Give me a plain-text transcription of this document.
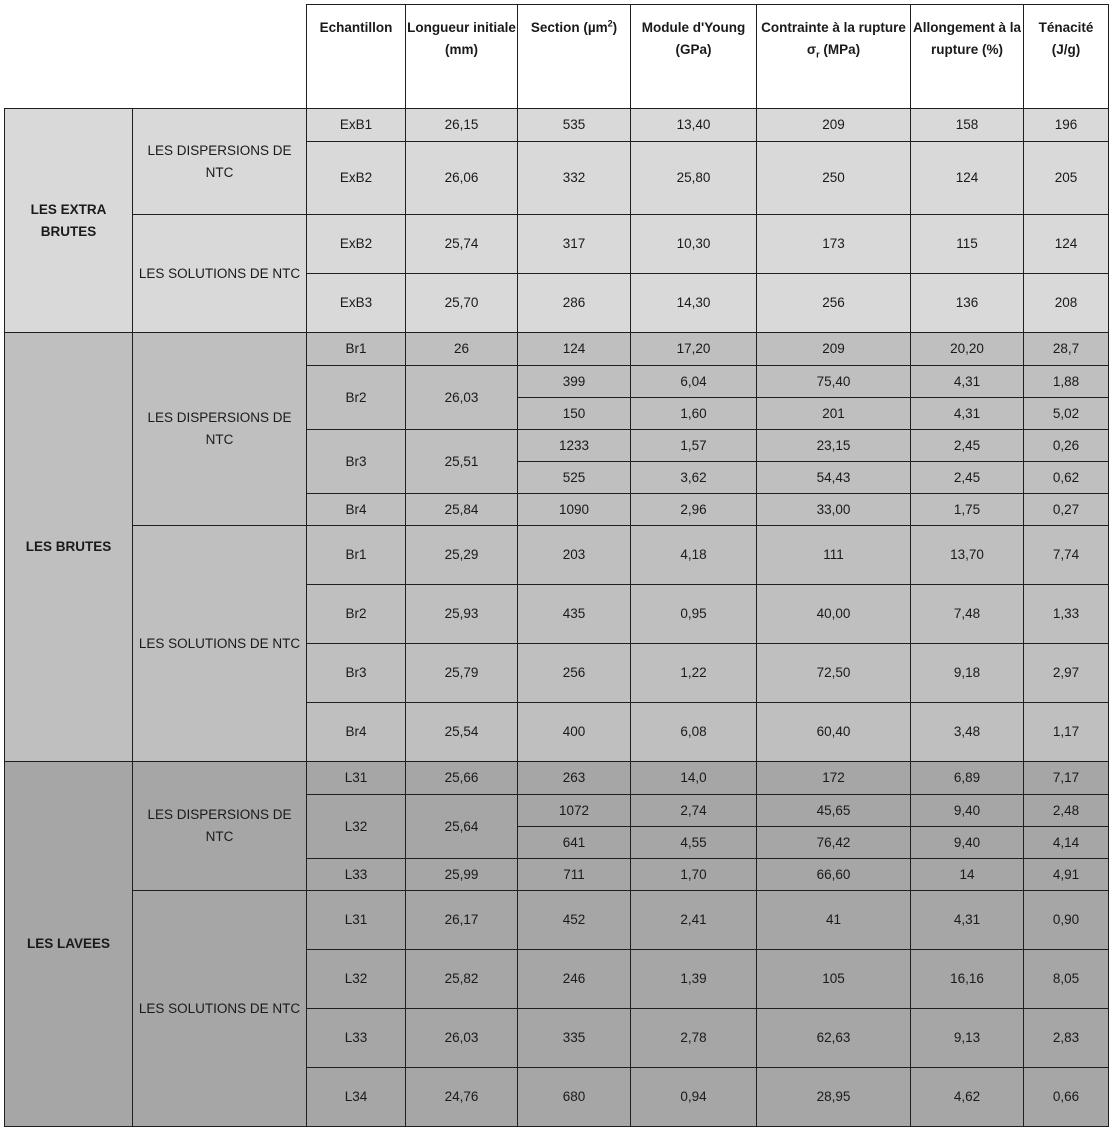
		Echantillon	Longueur initiale (mm)	Section (µm$^2$)	Module d'Young (GPa)	Contrainte à la rupture $\sigma_r$ (MPa)	Allongement à la rupture (%)	Ténacité (J/g)
LES EXTRA BRUTES	LES DISPERSIONS DE NTC	ExB1	26,15	535	13,40	209	158	196
		ExB2	26,06	332	25,80	250	124	205
	LES SOLUTIONS DE NTC	ExB2	25,74	317	10,30	173	115	124
		ExB3	25,70	286	14,30	256	136	208
LES BRUTES	LES DISPERSIONS DE NTC	Br1	26	124	17,20	209	20,20	28,7
		Br2	26,03	399	6,04	75,40	4,31	1,88
				150	1,60	201	4,31	5,02
		Br3	25,51	1233	1,57	23,15	2,45	0,26
				525	3,62	54,43	2,45	0,62
		Br4	25,84	1090	2,96	33,00	1,75	0,27
	LES SOLUTIONS DE NTC	Br1	25,29	203	4,18	111	13,70	7,74
		Br2	25,93	435	0,95	40,00	7,48	1,33
		Br3	25,79	256	1,22	72,50	9,18	2,97
		Br4	25,54	400	6,08	60,40	3,48	1,17
LES LAVEES	LES DISPERSIONS DE NTC	L31	25,66	263	14,0	172	6,89	7,17
		L32	25,64	1072	2,74	45,65	9,40	2,48
				641	4,55	76,42	9,40	4,14
		L33	25,99	711	1,70	66,60	14	4,91
	LES SOLUTIONS DE NTC	L31	26,17	452	2,41	41	4,31	0,90
		L32	25,82	246	1,39	105	16,16	8,05
		L33	26,03	335	2,78	62,63	9,13	2,83
		L34	24,76	680	0,94	28,95	4,62	0,66
